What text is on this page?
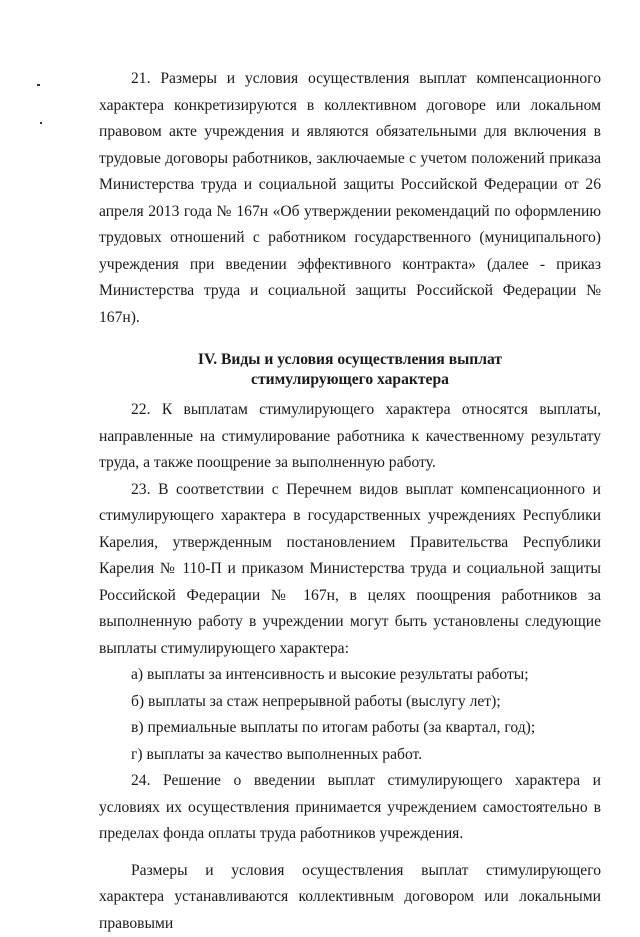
21. Размеры и условия осуществления выплат компенсационного характера конкретизируются в коллективном договоре или локальном правовом акте учреждения и являются обязательными для включения в трудовые договоры работников, заключаемые с учетом положений приказа Министерства труда и социальной защиты Российской Федерации от 26 апреля 2013 года № 167н «Об утверждении рекомендаций по оформлению трудовых отношений с работником государственного (муниципального) учреждения при введении эффективного контракта» (далее - приказ Министерства труда и социальной защиты Российской Федерации № 167н).

IV. Виды и условия осуществления выплат
стимулирующего характера

22. К выплатам стимулирующего характера относятся выплаты, направленные на стимулирование работника к качественному результату труда, а также поощрение за выполненную работу.

23. В соответствии с Перечнем видов выплат компенсационного и стимулирующего характера в государственных учреждениях Республики Карелия, утвержденным постановлением Правительства Республики Карелия № 110-П и приказом Министерства труда и социальной защиты Российской Федерации № 167н, в целях поощрения работников за выполненную работу в учреждении могут быть установлены следующие выплаты стимулирующего характера:

а) выплаты за интенсивность и высокие результаты работы;

б) выплаты за стаж непрерывной работы (выслугу лет);

в) премиальные выплаты по итогам работы (за квартал, год);

г) выплаты за качество выполненных работ.

24. Решение о введении выплат стимулирующего характера и условиях их осуществления принимается учреждением самостоятельно в пределах фонда оплаты труда работников учреждения.

Размеры и условия осуществления выплат стимулирующего характера устанавливаются коллективным договором или локальными правовыми
